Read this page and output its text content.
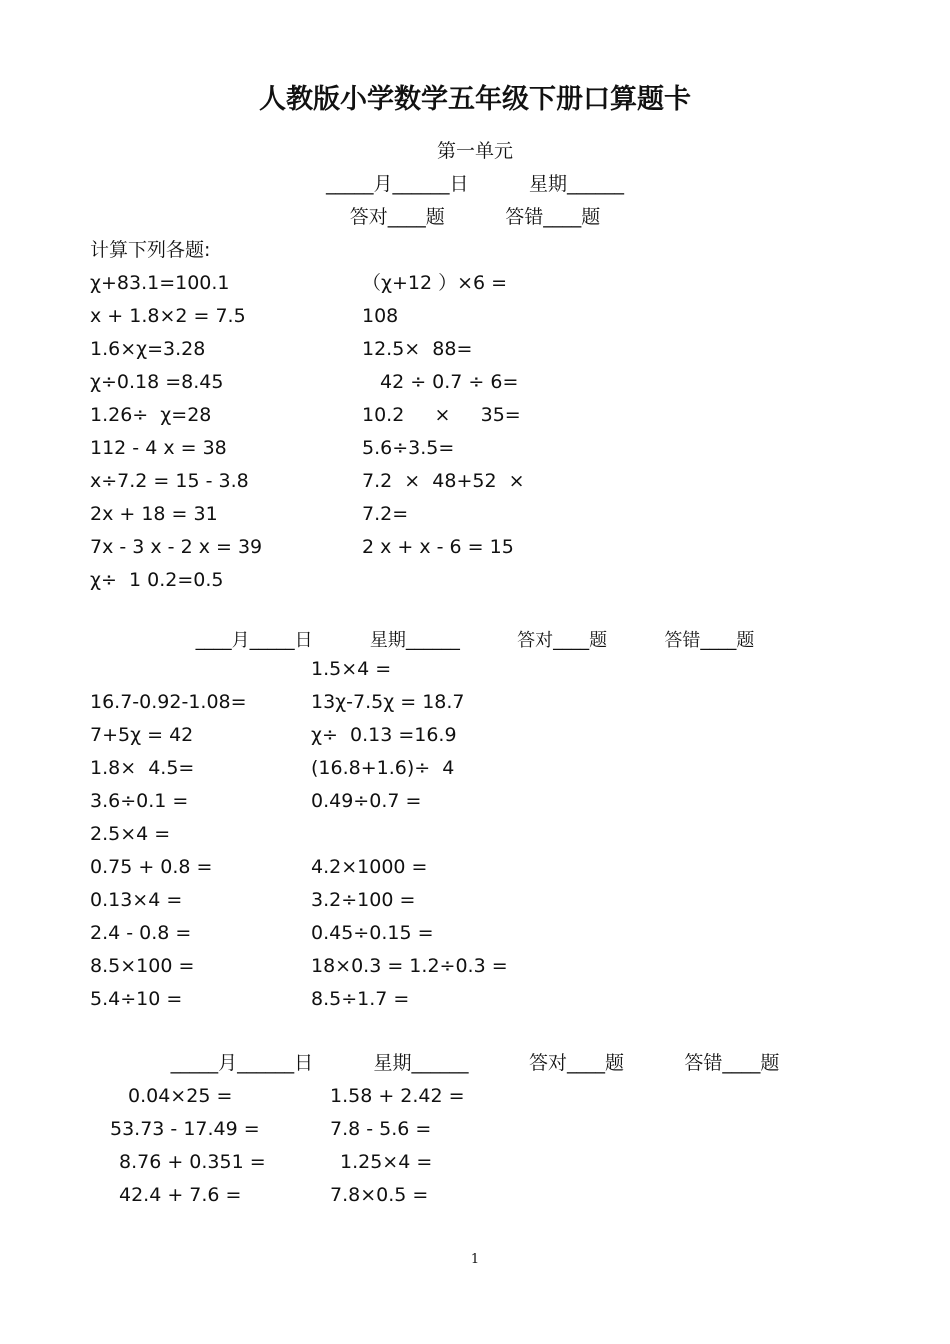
人教版小学数学五年级下册口算题卡
第一单元
_____月______日          星期______
答对____题          答错____题
计算下列各题:
χ+83.1=100.1
x + 1.8×2 = 7.5
1.6×χ=3.28
χ÷0.18 =8.45
1.26÷  χ=28
112 - 4 x = 38
x÷7.2 = 15 - 3.8
2x + 18 = 31
7x - 3 x - 2 x = 39
χ÷  1 0.2=0.5
（χ+12 ）×6 =
108
12.5×  88=
42 ÷ 0.7 ÷ 6=
10.2     ×     35=
5.6÷3.5=
7.2  ×  48+52  ×
7.2=
2 x + x - 6 = 15
____月_____日          星期______          答对____题          答错____题
1.5×4 =
16.7-0.92-1.08=
7+5χ = 42
1.8×  4.5=
3.6÷0.1 =
2.5×4 =
0.75 + 0.8 =
0.13×4 =
2.4 - 0.8 =
8.5×100 =
5.4÷10 =
13χ-7.5χ = 18.7
χ÷  0.13 =16.9
(16.8+1.6)÷  4
0.49÷0.7 =
4.2×1000 =
3.2÷100 =
0.45÷0.15 =
18×0.3 = 1.2÷0.3 =
8.5÷1.7 =
_____月______日          星期______          答对____题          答错____题
0.04×25 =
53.73 - 17.49 =
8.76 + 0.351 =
42.4 + 7.6 =
1.58 + 2.42 =
7.8 - 5.6 =
1.25×4 =
7.8×0.5 =
1
